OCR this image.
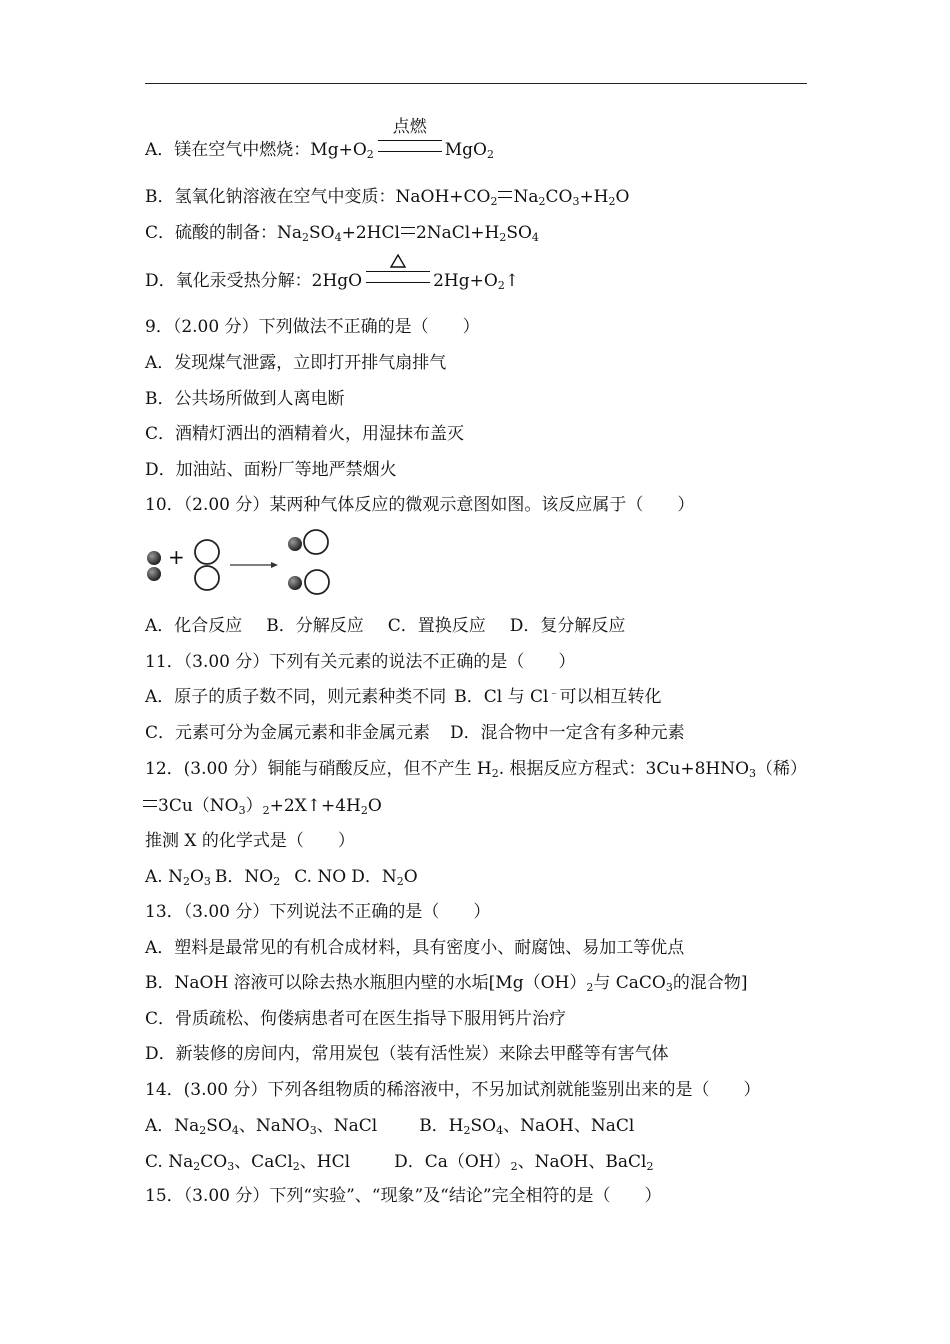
A．镁在空气中燃烧：$Mg+O_2$
点燃
MgO$_2$
B．氢氧化钠溶液在空气中变质：$NaOH+CO_2$ $Na_2CO_3+H_2O$
C．硫酸的制备：$Na_2SO_4+2HCl$ $2NaCl+H_2SO_4$
D．氧化汞受热分解：2HgO	$2Hg+O_2↑$
9．（2.00 分）下列做法不正确的是（　　）
A．发现煤气泄露，立即打开排气扇排气
B．公共场所做到人离电断
C．酒精灯洒出的酒精着火，用湿抹布盖灭
D．加油站、面粉厂等地严禁烟火
10．（2.00 分）某两种气体反应的微观示意图如图。该反应属于（　　）
+
A．化合反应 B．分解反应 C．置换反应 D．复分解反应
11．（3.00 分）下列有关元素的说法不正确的是（　　）
A．原子的质子数不同，则元素种类不同 B．Cl 与 Cl﹣可以相互转化
C．元素可分为金属元素和非金属元素 D．混合物中一定含有多种元素
12．(3.00 分）铜能与硝酸反应，但不产生 $H_2$. 根据反应方程式：$3Cu+8HNO_3$（稀）
$3Cu(NO_3)_2+2X↑+4H_2O$
推测 X 的化学式是（　　）
A. $N_2O_3$ B．$NO_2$ C. NO D．$N_2O$
13．（3.00 分）下列说法不正确的是（　　）
A．塑料是最常见的有机合成材料，具有密度小、耐腐蚀、易加工等优点
B．NaOH 溶液可以除去热水瓶胆内壁的水垢[$Mg(OH)_2$与 CaCO$_3$的混合物]
C．骨质疏松、佝偻病患者可在医生指导下服用钙片治疗
D．新装修的房间内，常用炭包（装有活性炭）来除去甲醛等有害气体
14．(3.00 分）下列各组物质的稀溶液中，不另加试剂就能鉴别出来的是（　　）
A．$Na_2SO_4$、NaNO$_3$、NaCl B．$H_2SO_4$、NaOH、NaCl
C. $Na_2CO_3$、CaCl$_2$、HCl	D．$Ca(OH)_2$、NaOH、BaCl$_2$
15．（3.00 分）下列“实验”、“现象”及“结论”完全相符的是（　　）
